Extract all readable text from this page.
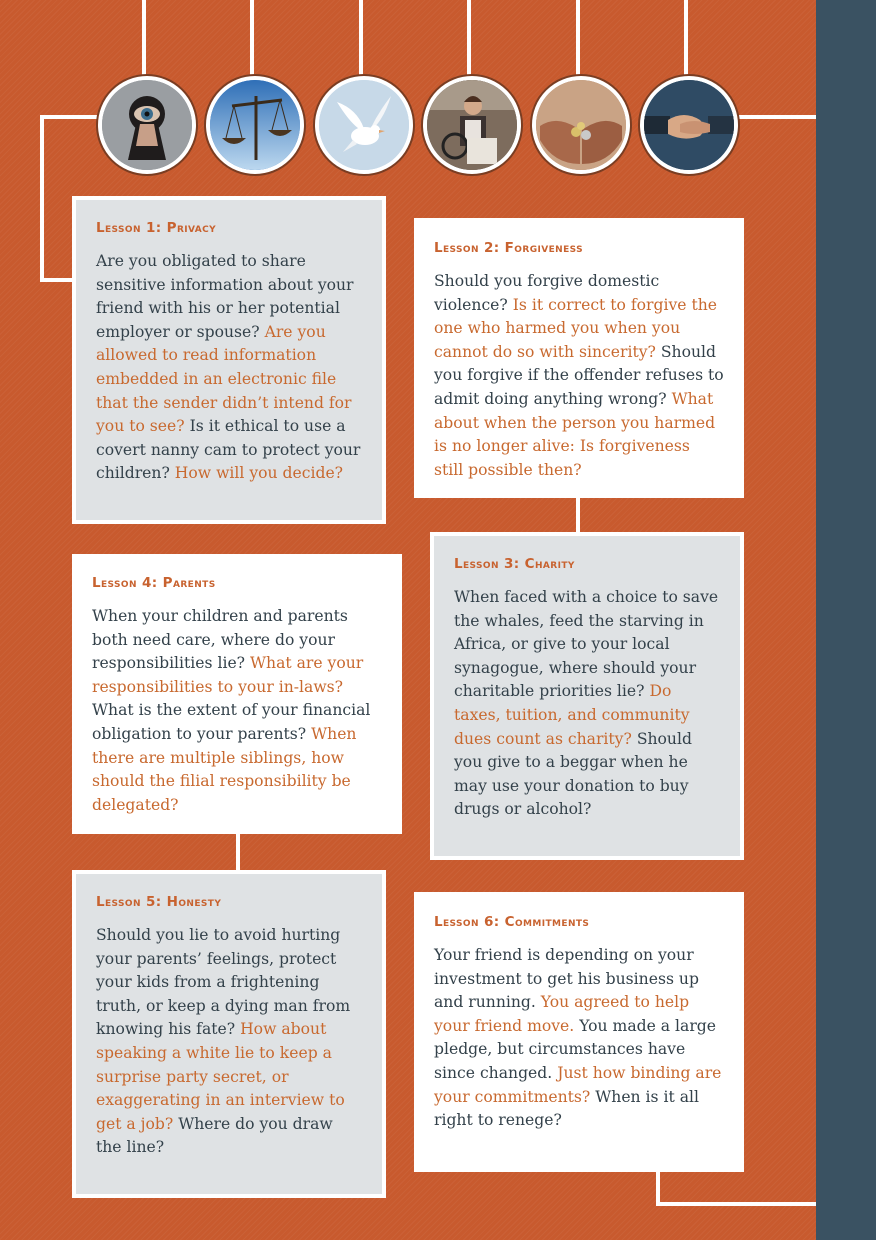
Lesson 1: Privacy

Are you obligated to share sensitive information about your friend with his or her potential employer or spouse? Are you allowed to read information embedded in an electronic file that the sender didn’t intend for you to see? Is it ethical to use a covert nanny cam to protect your children? How will you decide?

Lesson 2: Forgiveness

Should you forgive domestic violence? Is it correct to forgive the one who harmed you when you cannot do so with sincerity? Should you forgive if the offender refuses to admit doing anything wrong? What about when the person you harmed is no longer alive: Is forgiveness still possible then?

Lesson 3: Charity

When faced with a choice to save the whales, feed the starving in Africa, or give to your local synagogue, where should your charitable priorities lie? Do taxes, tuition, and community dues count as charity? Should you give to a beggar when he may use your donation to buy drugs or alcohol?

Lesson 4: Parents

When your children and parents both need care, where do your responsibilities lie? What are your responsibilities to your in-laws? What is the extent of your financial obligation to your parents? When there are multiple siblings, how should the filial responsibility be delegated?

Lesson 5: Honesty

Should you lie to avoid hurting your parents’ feelings, protect your kids from a frightening truth, or keep a dying man from knowing his fate? How about speaking a white lie to keep a surprise party secret, or exaggerating in an interview to get a job? Where do you draw the line?

Lesson 6: Commitments

Your friend is depending on your investment to get his business up and running. You agreed to help your friend move. You made a large pledge, but circumstances have since changed. Just how binding are your commitments? When is it all right to renege?
